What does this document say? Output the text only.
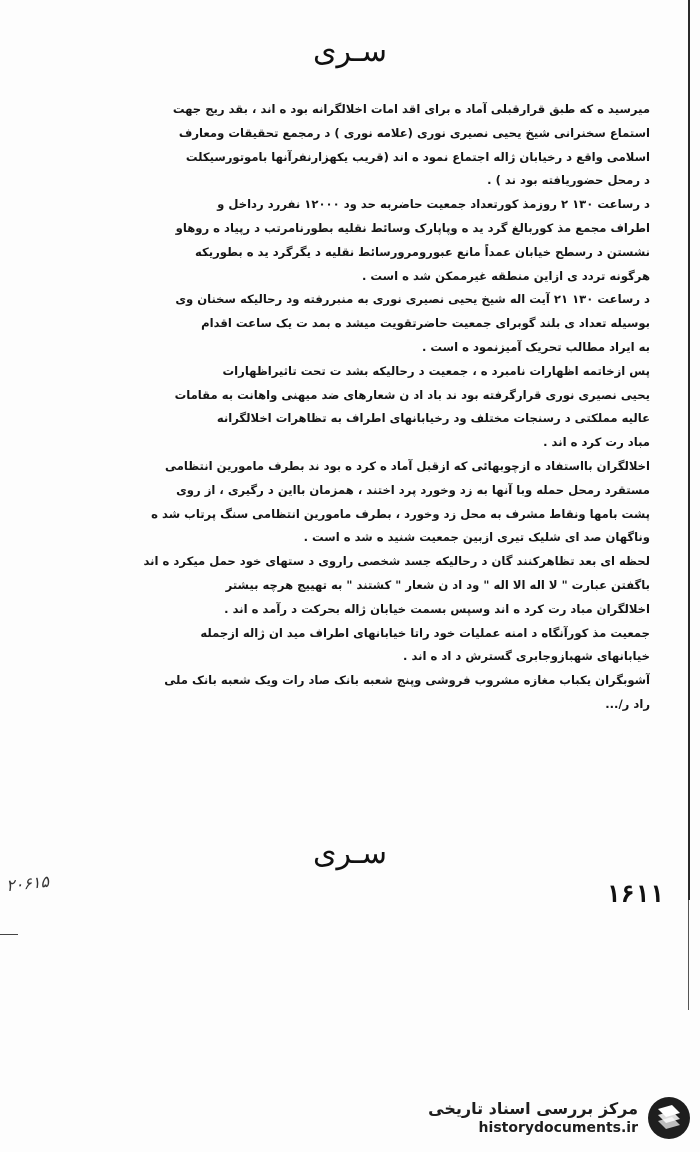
سـرى
میرسید ه که طبق قرارقبلی آماد ه برای اقد امات اخلالگرانه بود ه اند ، بقد ریج جهت
استماع سخنرانی شیخ یحیی نصیری نوری (علامه نوری ) د رمجمع تحقیقات ومعارف
اسلامی واقع د رخیابان ژاله اجتماع نمود ه اند (قریب یکهزارنفرآنها باموتورسیکلت
د رمحل حضوریافته بود ند ) .
د رساعت ۱۳۰ ۲ روزمذ کورتعداد جمعیت حاضربه حد ود ۱۲۰۰۰ نفررد رداخل و
اطراف مجمع مذ کوربالغ گرد ید ه وپاپارک وسائط نقلیه بطورنامرتب د رپیاد ه روهاو
نشستن د رسطح خیابان عمداً مانع عبورومرورسائط نقلیه د یگرگرد ید ه بطوریکه
هرگونه تردد ی ازاین منطقه غیرممکن شد ه است .
د رساعت ۱۳۰ ۲۱ آیت اله شیخ یحیی نصیری نوری به منبررفته ود رحالیکه سخنان وی
بوسیله تعداد ی بلند گوبرای جمعیت حاضرتقویت میشد ه بمد ت یک ساعت اقدام
به ایراد مطالب تحریک آمیزنمود ه است .
پس ازخاتمه اظهارات نامبرد ه ، جمعیت د رحالیکه بشد ت تحت تاثیراظهارات
یحیی نصیری نوری قرارگرفته بود ند باد اد ن شعارهای ضد میهنی واهانت به مقامات
عالیه مملکتی د رسنجات مختلف ود رخیابانهای اطراف به تظاهرات اخلالگرانه
مباد رت کرد ه اند .
اخلالگران بااستفاد ه ازچوبهائی که ازقبل آماد ه کرد ه بود ند بطرف مامورین انتظامی
مستقرد رمحل حمله وبا آنها به زد وخورد پرد اختند ، همزمان بااین د رگیری ، از روی
پشت بامها ونقاط مشرف به محل زد وخورد ، بطرف مامورین انتظامی سنگ پرتاب شد ه
وناگهان صد ای شلیک تیری ازبین جمعیت شنید ه شد ه است .
لحظه ای بعد تظاهرکنند گان د رحالیکه جسد شخصی راروی د ستهای خود حمل میکرد ه اند
باگفتن عبارت " لا اله الا اله " ود اد ن شعار " کشتند " به تهییج هرچه بیشتر
اخلالگران مباد رت کرد ه اند وسپس بسمت خیابان ژاله بحرکت د رآمد ه اند .
جمعیت مذ کورآنگاه د امنه عملیات خود راتا خیابانهای اطراف مید ان ژاله ازجمله
خیابانهای شهبازوجابری گسترش د اد ه اند .
آشوبگران یکباب مغازه مشروب فروشی وپنج شعبه بانک صاد رات ویک شعبه بانک ملی
راد ر/...
سـرى
۱۶۱۱
۲۰۶۱۵
مرکز بررسی اسناد تاریخی
historydocuments.ir
